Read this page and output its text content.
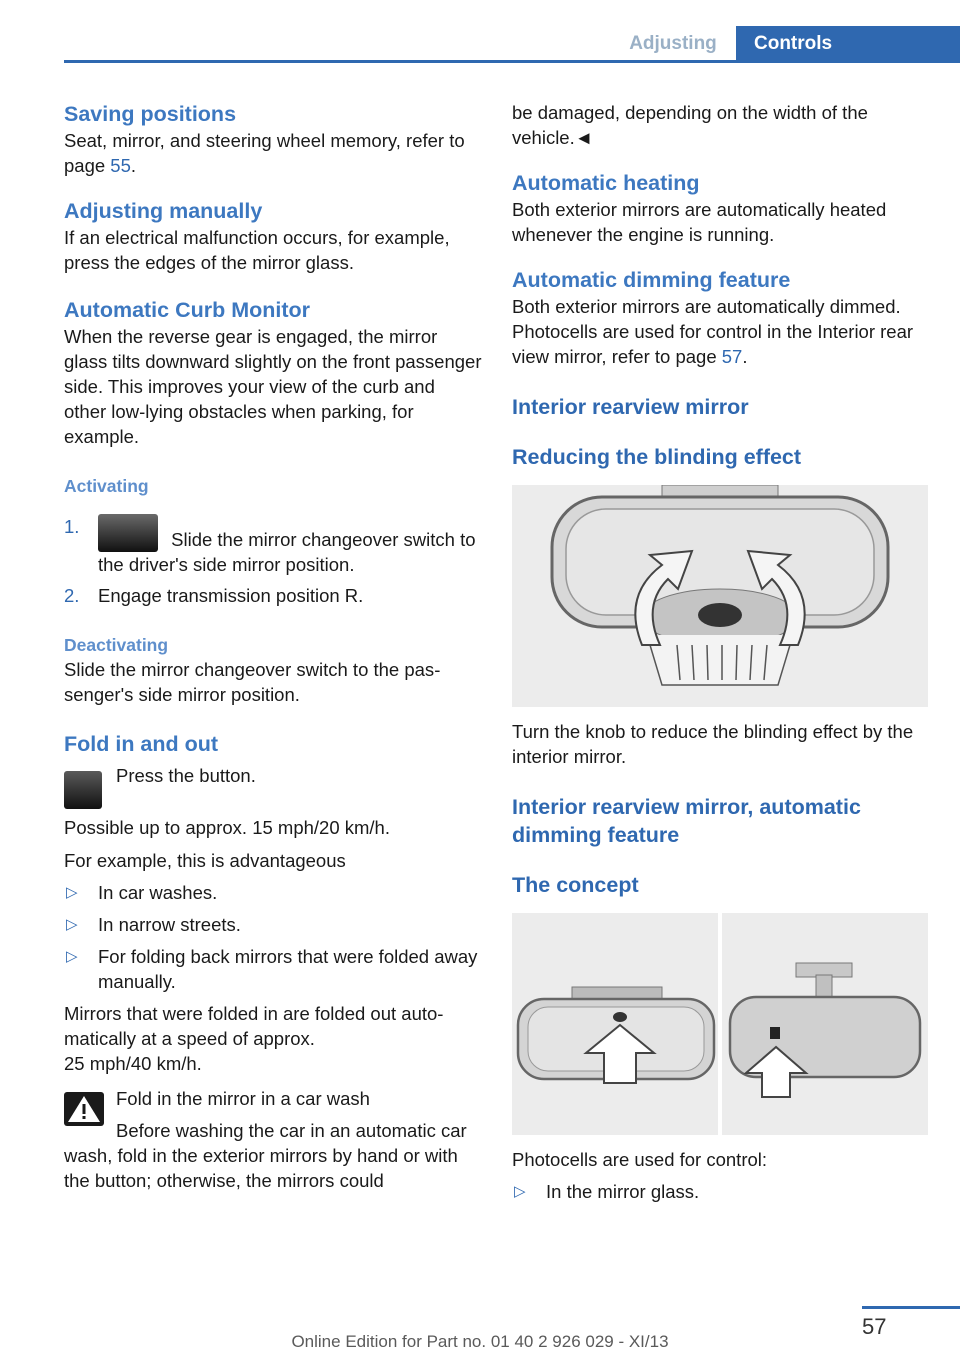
Adjusting	Controls
Saving positions

Seat, mirror, and steering wheel memory, refer to page 55.

Adjusting manually

If an electrical malfunction occurs, for example, press the edges of the mirror glass.

Automatic Curb Monitor

When the reverse gear is engaged, the mirror glass tilts downward slightly on the front passenger side. This improves your view of the curb and other low-lying obstacles when parking, for example.

Activating
1.
Slide the mirror changeover switch to the driver's side mirror position.
2. Engage transmission position R.
Deactivating

Slide the mirror changeover switch to the passenger's side mirror position.

Fold in and out
Press the button.

Possible up to approx. 15 mph/20 km/h.

For example, this is advantageous

▷ In car washes.
▷ In narrow streets.
▷ For folding back mirrors that were folded away manually.

Mirrors that were folded in are folded out automatically at a speed of approx.
25 mph/40 km/h.

Fold in the mirror in a car wash

Before washing the car in an automatic car wash, fold in the exterior mirrors by hand or with the button; otherwise, the mirrors could

be damaged, depending on the width of the vehicle.◄

Automatic heating

Both exterior mirrors are automatically heated whenever the engine is running.

Automatic dimming feature

Both exterior mirrors are automatically dimmed. Photocells are used for control in the Interior rear view mirror, refer to page 57.

Interior rearview mirror
Reducing the blinding effect

Turn the knob to reduce the blinding effect by the interior mirror.

Interior rearview mirror, automatic dimming feature
The concept

Photocells are used for control:

▷ In the mirror glass.
57
Online Edition for Part no. 01 40 2 926 029 - XI/13
